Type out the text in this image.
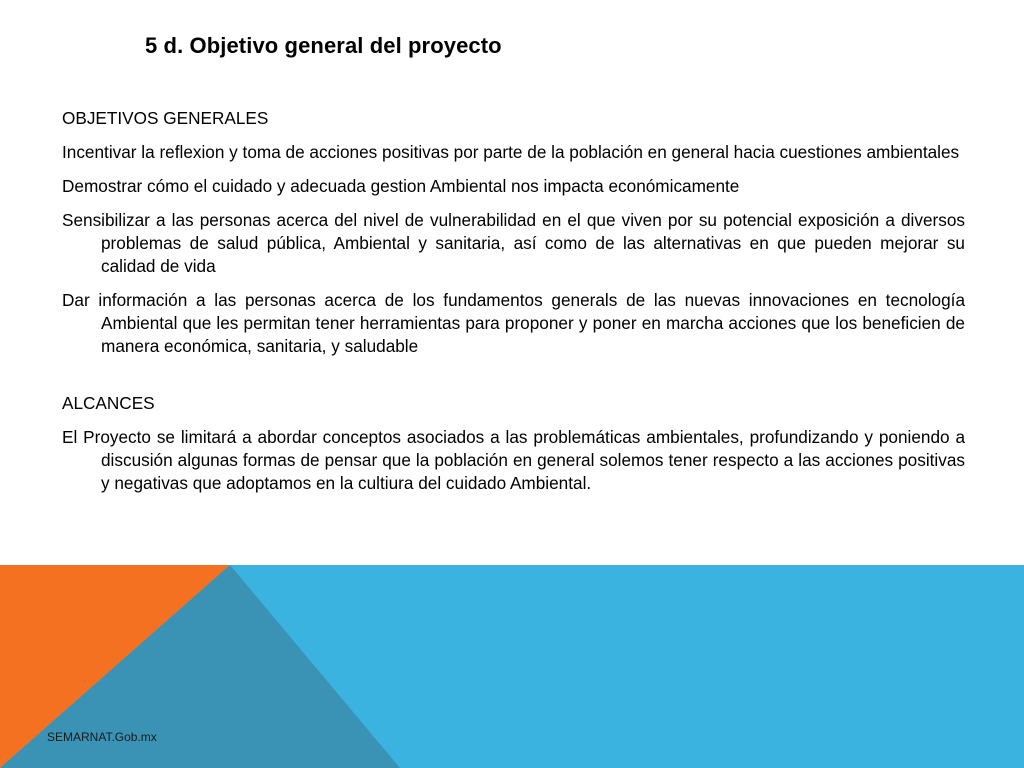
5 d. Objetivo general del proyecto

OBJETIVOS GENERALES

Incentivar la reflexion y toma de acciones positivas por parte de la población en general hacia cuestiones ambientales

Demostrar cómo el cuidado y adecuada gestion Ambiental nos impacta económicamente

Sensibilizar a las personas acerca del nivel de vulnerabilidad en el que viven por su potencial exposición a diversos problemas de salud pública, Ambiental y sanitaria, así como de las alternativas en que pueden mejorar su calidad de vida

Dar información a las personas acerca de los fundamentos generals de las nuevas innovaciones en tecnología Ambiental que les permitan tener herramientas para proponer y poner en marcha acciones que los beneficien de manera económica, sanitaria, y saludable

ALCANCES

El Proyecto se limitará a abordar conceptos asociados a las problemáticas ambientales, profundizando y poniendo a discusión algunas formas de pensar que la población en general solemos tener respecto a las acciones positivas y negativas que adoptamos en la cultiura del cuidado Ambiental.

SEMARNAT.Gob.mx
